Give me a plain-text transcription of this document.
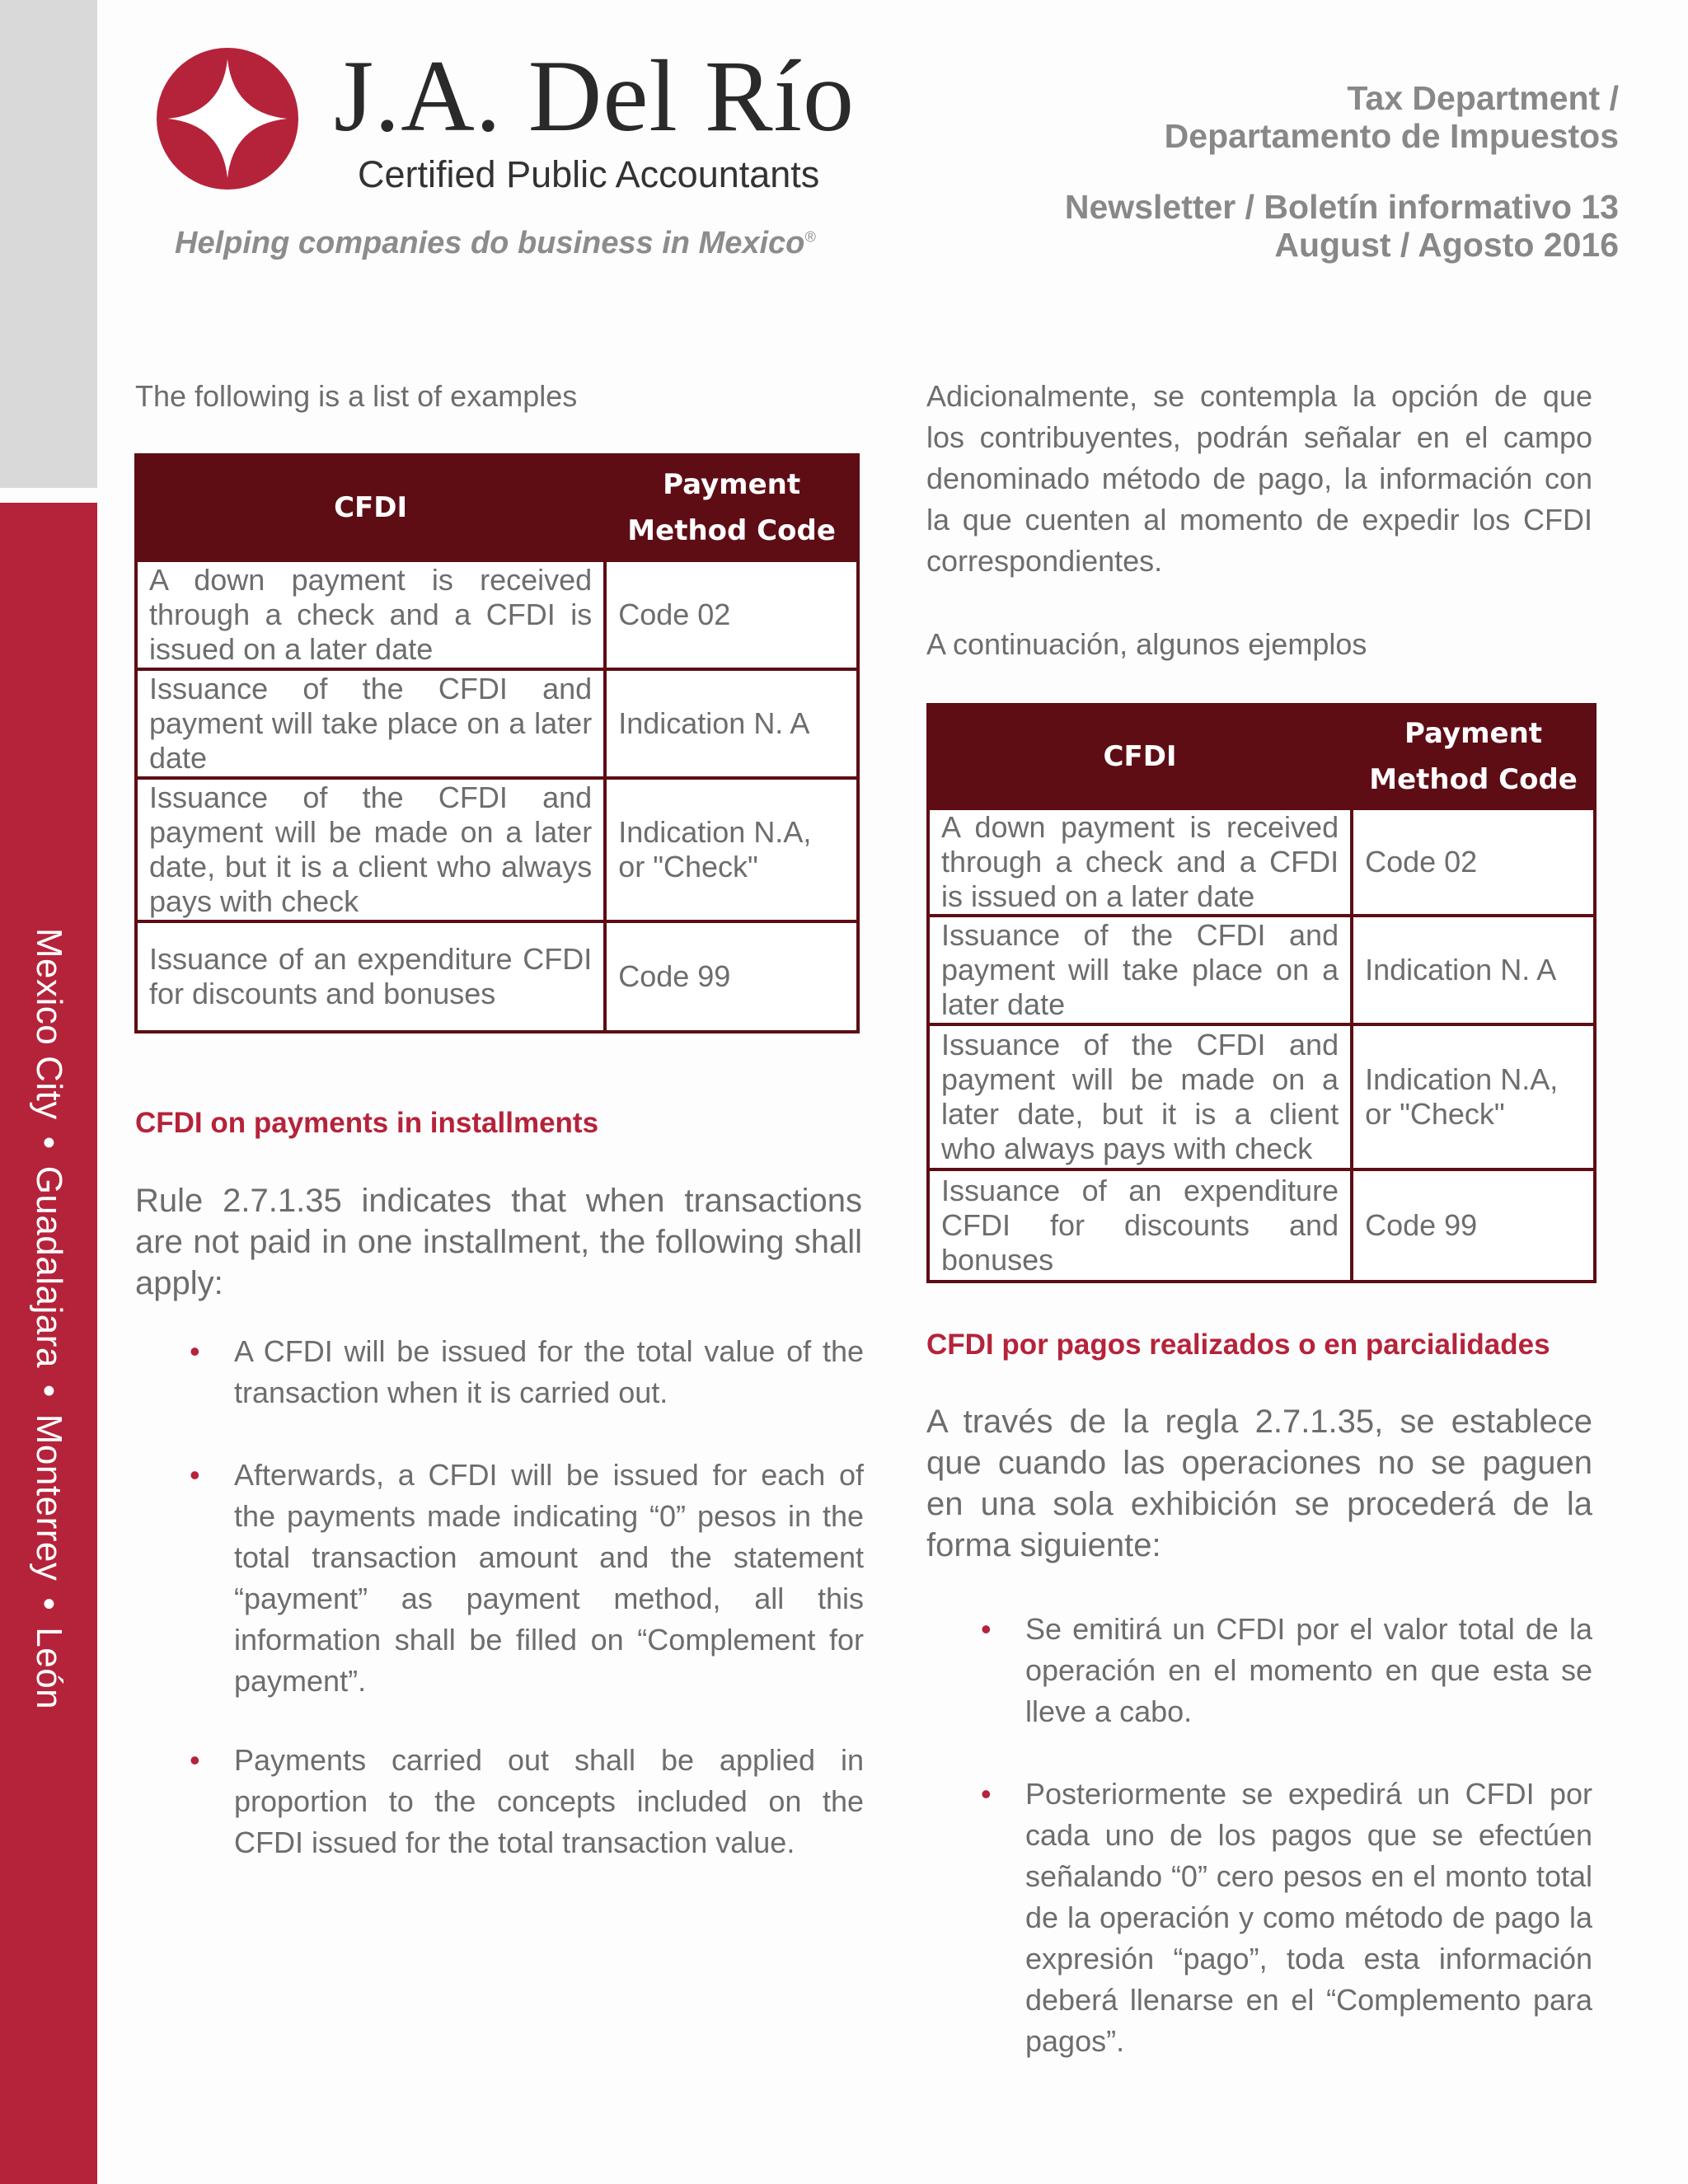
Mexico City•Guadalajara•Monterrey•León
J.A. Del Río
Certified Public Accountants
Helping companies do business in Mexico®
Tax Department /
Departamento de Impuestos
Newsletter / Boletín informativo 13
August / Agosto 2016

The following is a list of examples

CFDI	Payment
Method Code

A down payment is received through a check and a CFDI is issued on a later date	Code 02
Issuance of the CFDI and payment will take place on a later date	Indication N. A
Issuance of the CFDI and payment will be made on a later date, but it is a client who always pays with check	Indication N.A, or "Check"
Issuance of an expenditure CFDI for discounts and bonuses	Code 99

CFDI on payments in installments

Rule 2.7.1.35 indicates that when transactions are not paid in one installment, the following shall apply:

• A CFDI will be issued for the total value of the transaction when it is carried out.
• Afterwards, a CFDI will be issued for each of the payments made indicating “0” pesos in the total transaction amount and the statement “payment” as payment method, all this information shall be filled on “Complement for payment”.
• Payments carried out shall be applied in proportion to the concepts included on the CFDI issued for the total transaction value.

Adicionalmente, se contempla la opción de que los contribuyentes, podrán señalar en el campo denominado método de pago, la información con la que cuenten al momento de expedir los CFDI correspondientes.

A continuación, algunos ejemplos

CFDI	Payment
Method Code

A down payment is received through a check and a CFDI is issued on a later date	Code 02
Issuance of the CFDI and payment will take place on a later date	Indication N. A
Issuance of the CFDI and payment will be made on a later date, but it is a client who always pays with check	Indication N.A, or "Check"
Issuance of an expenditure CFDI for discounts and bonuses	Code 99

CFDI por pagos realizados o en parcialidades

A través de la regla 2.7.1.35, se establece que cuando las operaciones no se paguen en una sola exhibición se procederá de la forma siguiente:

• Se emitirá un CFDI por el valor total de la operación en el momento en que esta se lleve a cabo.
• Posteriormente se expedirá un CFDI por cada uno de los pagos que se efectúen señalando “0” cero pesos en el monto total de la operación y como método de pago la expresión “pago”, toda esta información deberá llenarse en el “Complemento para pagos”.
